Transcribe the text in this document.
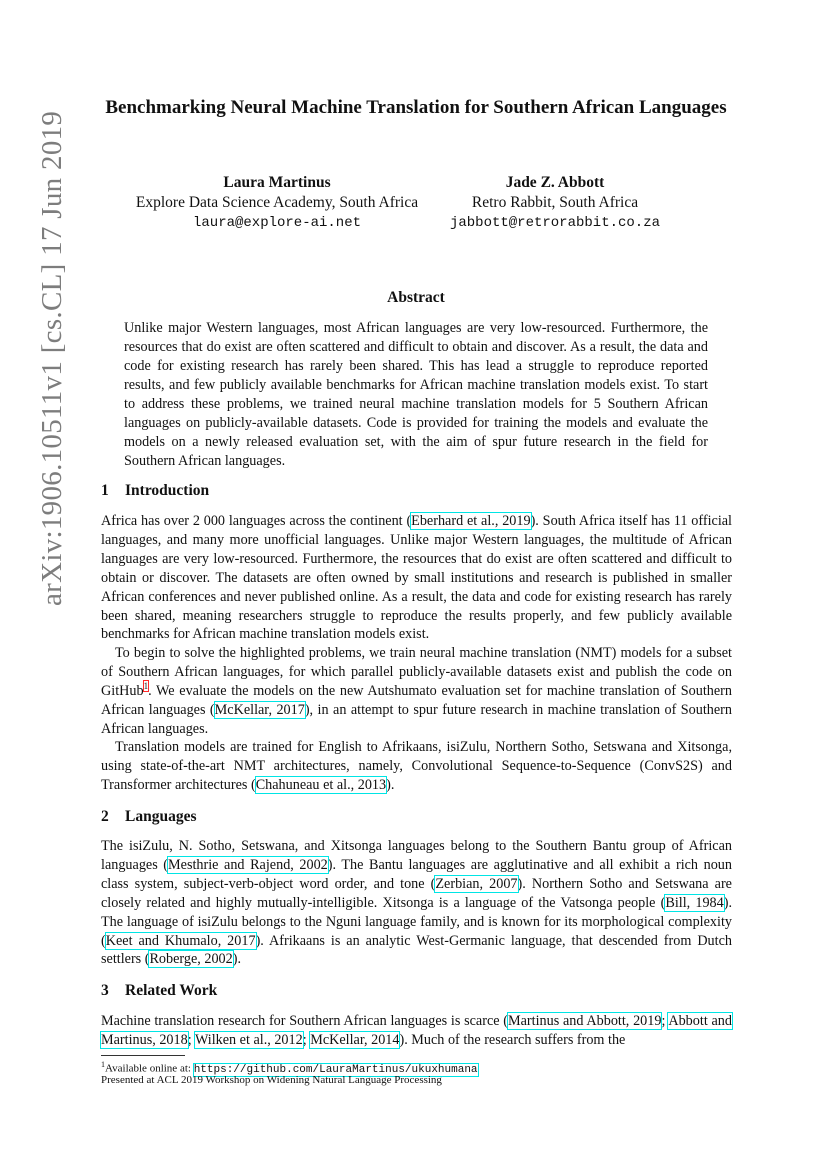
arXiv:1906.10511v1 [cs.CL] 17 Jun 2019
Benchmarking Neural Machine Translation for Southern African Languages
Laura Martinus
Explore Data Science Academy, South Africa
laura@explore-ai.net
Jade Z. Abbott
Retro Rabbit, South Africa
jabbott@retrorabbit.co.za
Abstract

Unlike major Western languages, most African languages are very low-resourced. Furthermore, the resources that do exist are often scattered and difficult to obtain and discover. As a result, the data and code for existing research has rarely been shared. This has lead a struggle to reproduce reported results, and few publicly available benchmarks for African machine translation models exist. To start to address these problems, we trained neural machine translation models for 5 Southern African languages on publicly-available datasets. Code is provided for training the models and evaluate the models on a newly released evaluation set, with the aim of spur future research in the field for Southern African languages.

1 Introduction

Africa has over 2 000 languages across the continent (Eberhard et al., 2019). South Africa itself has 11 official languages, and many more unofficial languages. Unlike major Western languages, the multitude of African languages are very low-resourced. Furthermore, the resources that do exist are often scattered and difficult to obtain or discover. The datasets are often owned by small institutions and research is published in smaller African conferences and never published online. As a result, the data and code for existing research has rarely been shared, meaning researchers struggle to reproduce the results properly, and few publicly available benchmarks for African machine translation models exist.

To begin to solve the highlighted problems, we train neural machine translation (NMT) models for a subset of Southern African languages, for which parallel publicly-available datasets exist and publish the code on GitHub$^1$. We evaluate the models on the new Autshumato evaluation set for machine translation of Southern African languages (McKellar, 2017), in an attempt to spur future research in machine translation of Southern African languages.

Translation models are trained for English to Afrikaans, isiZulu, Northern Sotho, Setswana and Xitsonga, using state-of-the-art NMT architectures, namely, Convolutional Sequence-to-Sequence (ConvS2S) and Transformer architectures (Chahuneau et al., 2013).

2 Languages

The isiZulu, N. Sotho, Setswana, and Xitsonga languages belong to the Southern Bantu group of African languages (Mesthrie and Rajend, 2002). The Bantu languages are agglutinative and all exhibit a rich noun class system, subject-verb-object word order, and tone (Zerbian, 2007). Northern Sotho and Setswana are closely related and highly mutually-intelligible. Xitsonga is a language of the Vatsonga people (Bill, 1984). The language of isiZulu belongs to the Nguni language family, and is known for its morphological complexity (Keet and Khumalo, 2017). Afrikaans is an analytic West-Germanic language, that descended from Dutch settlers (Roberge, 2002).

3 Related Work

Machine translation research for Southern African languages is scarce (Martinus and Abbott, 2019; Abbott and Martinus, 2018; Wilken et al., 2012; McKellar, 2014). Much of the research suffers from the

$^1$Available online at: https://github.com/LauraMartinus/ukuxhumana
Presented at ACL 2019 Workshop on Widening Natural Language Processing
